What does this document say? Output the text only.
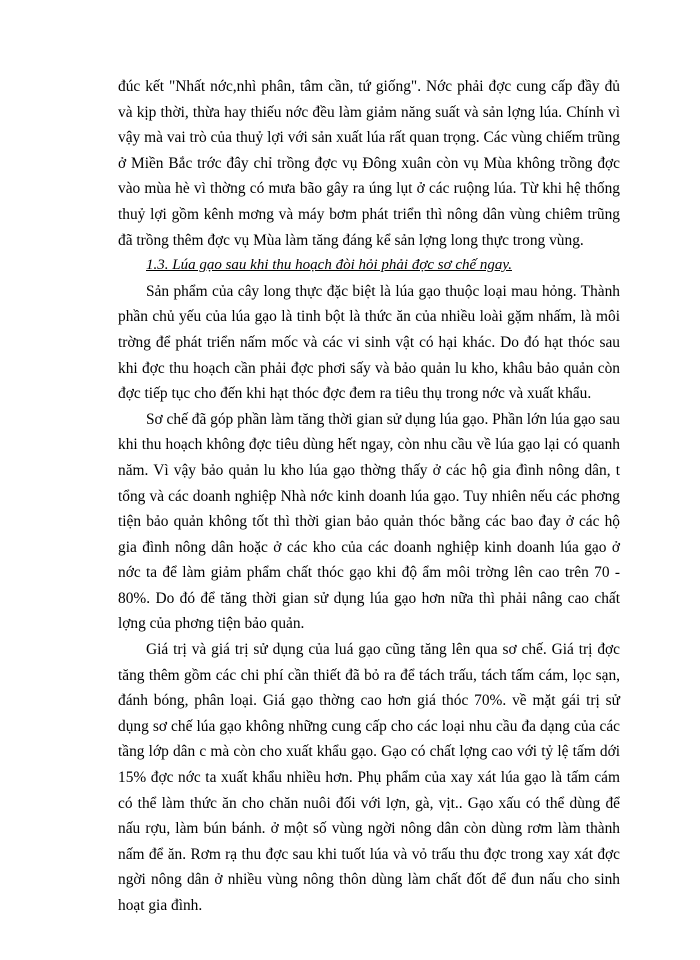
đúc kết "Nhất nớc,nhì phân, tâm cần, tứ giống". Nớc phải đợc cung cấp đầy đủ và kịp thời, thừa hay thiếu nớc đều làm giảm năng suất và sản lợng lúa. Chính vì vậy mà vai trò của thuỷ lợi với sản xuất lúa rất quan trọng. Các vùng chiếm trũng ở Miền Bắc trớc đây chỉ trồng đợc vụ Đông xuân còn vụ Mùa không trồng đợc vào mùa hè vì thờng có mưa bão gây ra úng lụt ở các ruộng lúa. Từ khi hệ thống thuỷ lợi gồm kênh mơng và máy bơm phát triển thì nông dân vùng chiêm trũng đã trồng thêm đợc vụ Mùa làm tăng đáng kể sản lợng long thực trong vùng.

1.3. Lúa gạo sau khi thu hoạch đòi hỏi phải đợc sơ chế ngay.

Sản phẩm của cây long thực đặc biệt là lúa gạo thuộc loại mau hỏng. Thành phần chủ yếu của lúa gạo là tinh bột là thức ăn của nhiều loài gặm nhấm, là môi trờng để phát triển nấm mốc và các vi sinh vật có hại khác. Do đó hạt thóc sau khi đợc thu hoạch cần phải đợc phơi sấy và bảo quản lu kho, khâu bảo quản còn đợc tiếp tục cho đến khi hạt thóc đợc đem ra tiêu thụ trong nớc và xuất khẩu.

Sơ chế đã góp phần làm tăng thời gian sử dụng lúa gạo. Phần lớn lúa gạo sau khi thu hoạch không đợc tiêu dùng hết ngay, còn nhu cầu về lúa gạo lại có quanh năm. Vì vậy bảo quản lu kho lúa gạo thờng thấy ở các hộ gia đình nông dân, t tổng và các doanh nghiệp Nhà nớc kinh doanh lúa gạo. Tuy nhiên nếu các phơng tiện bảo quản không tốt thì thời gian bảo quản thóc bằng các bao đay ở các hộ gia đình nông dân hoặc ở các kho của các doanh nghiệp kinh doanh lúa gạo ở nớc ta để làm giảm phẩm chất thóc gạo khi độ ẩm môi trờng lên cao trên 70 - 80%. Do đó để tăng thời gian sử dụng lúa gạo hơn nữa thì phải nâng cao chất lợng của phơng tiện bảo quản.

Giá trị và giá trị sử dụng của luá gạo cũng tăng lên qua sơ chế. Giá trị đợc tăng thêm gồm các chi phí cần thiết đã bỏ ra để tách trấu, tách tấm cám, lọc sạn, đánh bóng, phân loại. Giá gạo thờng cao hơn giá thóc 70%. về mặt gái trị sử dụng sơ chế lúa gạo không những cung cấp cho các loại nhu cầu đa dạng của các tầng lớp dân c mà còn cho xuất khẩu gạo. Gạo có chất lợng cao với tỷ lệ tấm dới 15% đợc nớc ta xuất khẩu nhiều hơn. Phụ phẩm của xay xát lúa gạo là tấm cám có thể làm thức ăn cho chăn nuôi đối với lợn, gà, vịt.. Gạo xấu có thể dùng để nấu rợu, làm bún bánh. ở một số vùng ngời nông dân còn dùng rơm làm thành nấm để ăn. Rơm rạ thu đợc sau khi tuốt lúa và vỏ trấu thu đợc trong xay xát đợc ngời nông dân ở nhiều vùng nông thôn dùng làm chất đốt để đun nấu cho sinh hoạt gia đình.
